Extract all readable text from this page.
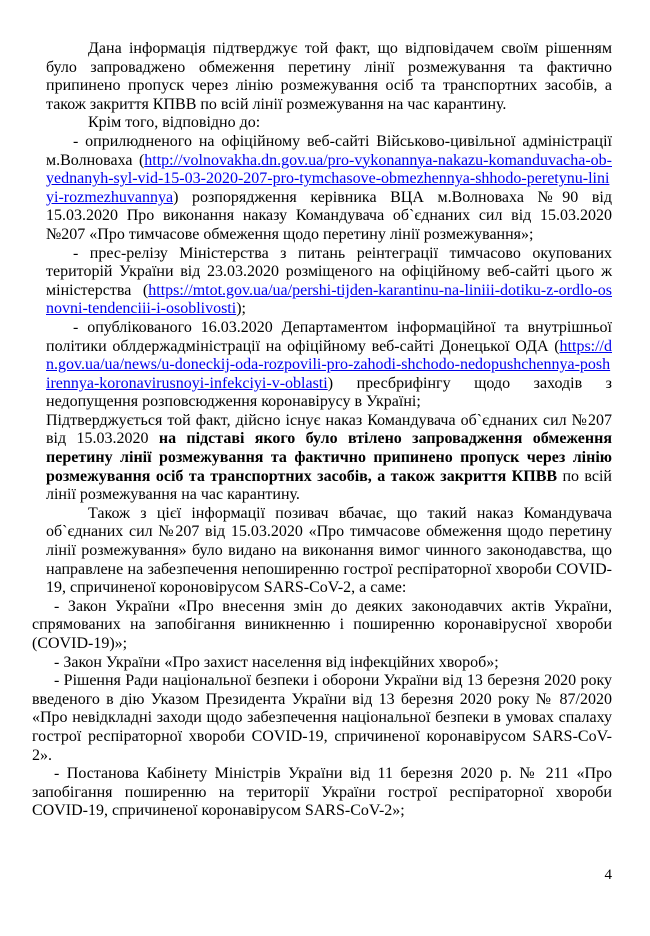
Дана інформація підтверджує той факт, що відповідачем своїм рішенням було запроваджено обмеження перетину лінії розмежування та фактично припинено пропуск через лінію розмежування осіб та транспортних засобів, а також закриття КПВВ по всій лінії розмежування на час карантину.

Крім того, відповідно до:

- оприлюдненого на офіційному веб-сайті Військово-цивільної адміністрації м.Волноваха (http://volnovakha.dn.gov.ua/pro-vykonannya-nakazu-komanduvacha-ob-yednanyh-syl-vid-15-03-2020-207-pro-tymchasove-obmezhennya-shhodo-peretynu-liniyi-rozmezhuvannya) розпорядження керівника ВЦА м.Волноваха №90 від 15.03.2020 Про виконання наказу Командувача об`єднаних сил від 15.03.2020 №207 «Про тимчасове обмеження щодо перетину лінії розмежування»;

- прес-релізу Міністерства з питань реінтеграції тимчасово окупованих територій України від 23.03.2020 розміщеного на офіційному веб-сайті цього ж міністерства (https://mtot.gov.ua/ua/pershi-tijden-karantinu-na-liniii-dotiku-z-ordlo-osnovni-tendenciii-i-osoblivosti);

- опублікованого 16.03.2020 Департаментом інформаційної та внутрішньої політики облдержадміністрації на офіційному веб-сайті Донецької ОДА (https://dn.gov.ua/ua/news/u-doneckij-oda-rozpovili-pro-zahodi-shchodo-nedopushchennya-poshirennya-koronavirusnoyi-infekciyi-v-oblasti) пресбрифінгу щодо заходів з недопущення розповсюдження коронавірусу в Україні;

Підтверджується той факт, дійсно існує наказ Командувача об`єднаних сил №207 від 15.03.2020 на підставі якого було втілено запровадження обмеження перетину лінії розмежування та фактично припинено пропуск через лінію розмежування осіб та транспортних засобів, а також закриття КПВВ по всій лінії розмежування на час карантину.

Також з цієї інформації позивач вбачає, що такий наказ Командувача об`єднаних сил №207 від 15.03.2020 «Про тимчасове обмеження щодо перетину лінії розмежування» було видано на виконання вимог чинного законодавства, що направлене на забезпечення непоширенню гострої респіраторної хвороби COVID-19, спричиненої короновірусом SARS-CoV-2, а саме:

- Закон України «Про внесення змін до деяких законодавчих актів України, спрямованих на запобігання виникненню і поширенню коронавірусної хвороби (COVID-19)»;

- Закон України «Про захист населення від інфекційних хвороб»;

- Рішення Ради національної безпеки і оборони України від 13 березня 2020 року введеного в дію Указом Президента України від 13 березня 2020 року № 87/2020 «Про невідкладні заходи щодо забезпечення національної безпеки в умовах спалаху гострої респіраторної хвороби COVID-19, спричиненої коронавірусом SARS-CoV-2».

- Постанова Кабінету Міністрів України від 11 березня 2020 р. № 211 «Про запобігання поширенню на території України гострої респіраторної хвороби COVID-19, спричиненої коронавірусом SARS-CoV-2»;

4
